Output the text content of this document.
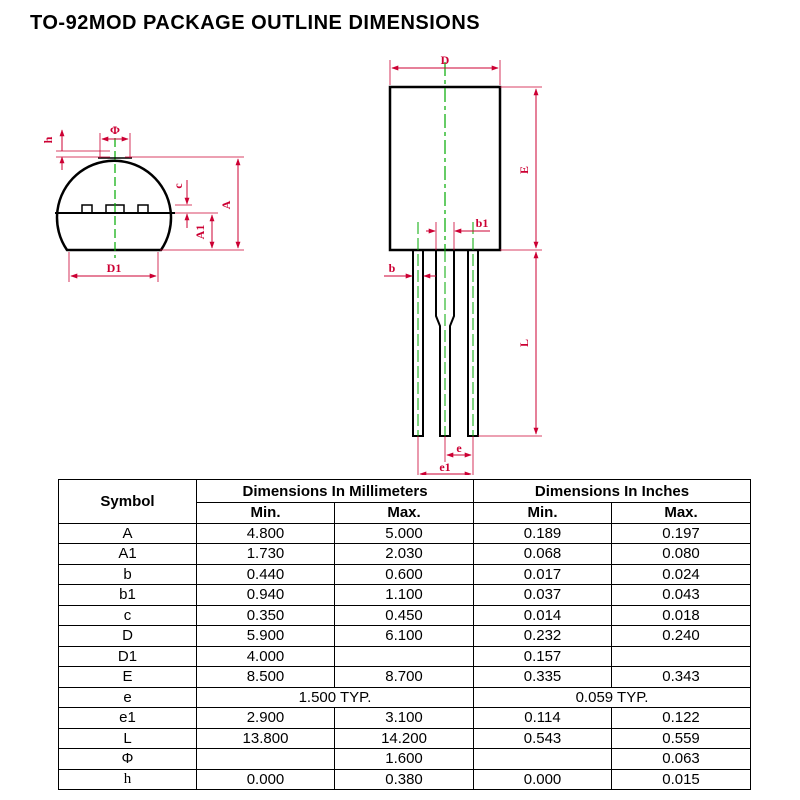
TO-92MOD PACKAGE OUTLINE DIMENSIONS
h
Φ
A
c
A1
D1
D
E
L
b1
b
e
e1
Symbol	Dimensions In Millimeters		Dimensions In Inches	
	Min.	Max.	Min.	Max.
A	4.800	5.000	0.189	0.197
A1	1.730	2.030	0.068	0.080
b	0.440	0.600	0.017	0.024
b1	0.940	1.100	0.037	0.043
c	0.350	0.450	0.014	0.018
D	5.900	6.100	0.232	0.240
D1	4.000		0.157	
E	8.500	8.700	0.335	0.343
e	1.500 TYP.		0.059 TYP.	
e1	2.900	3.100	0.114	0.122
L	13.800	14.200	0.543	0.559
Φ		1.600		0.063
h	0.000	0.380	0.000	0.015
